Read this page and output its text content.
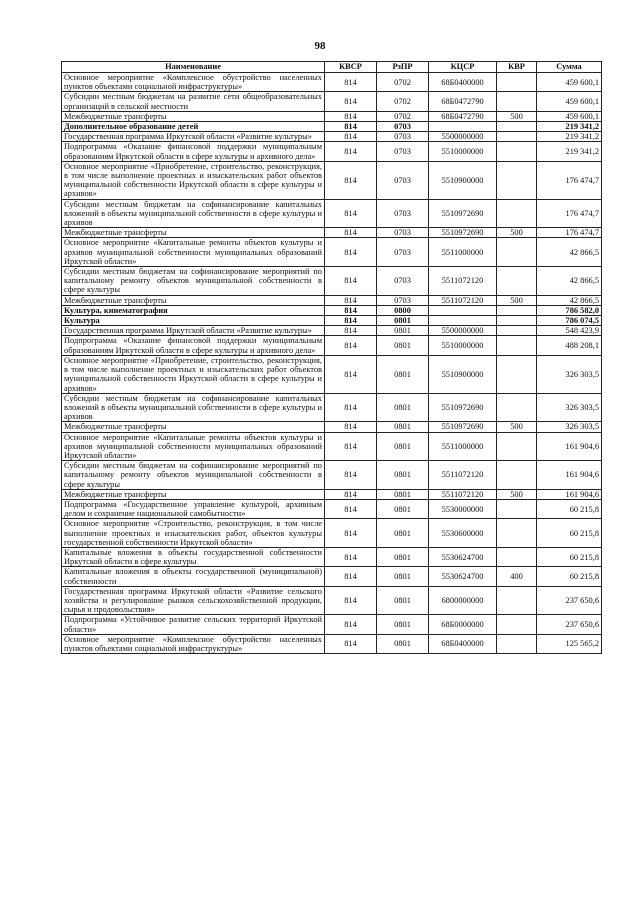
98
Наименование	КВСР	РзПР	КЦСР	КВР	Сумма
Основное мероприятие «Комплексное обустройство населенных пунктов объектами социальной инфраструктуры»	814	0702	68Б0400000		459 600,1
Субсидии местным бюджетам на развитие сети общеобразовательных организаций в сельской местности	814	0702	68Б0472790		459 600,1
Межбюджетные трансферты	814	0702	68Б0472790	500	459 600,1
Дополнительное образование детей	814	0703			219 341,2
Государственная программа Иркутской области «Развитие культуры»	814	0703	5500000000		219 341,2
Подпрограмма «Оказание финансовой поддержки муниципальным образованиям Иркутской области в сфере культуры и архивного дела»	814	0703	5510000000		219 341,2
Основное мероприятие «Приобретение, строительство, реконструкция, в том числе выполнение проектных и изыскательских работ объектов муниципальной собственности Иркутской области в сфере культуры и архивов»	814	0703	5510900000		176 474,7
Субсидии местным бюджетам на софинансирование капитальных вложений в объекты муниципальной собственности в сфере культуры и архивов	814	0703	5510972690		176 474,7
Межбюджетные трансферты	814	0703	5510972690	500	176 474,7
Основное мероприятие «Капитальные ремонты объектов культуры и архивов муниципальной собственности муниципальных образований Иркутской области»	814	0703	5511000000		42 866,5
Субсидии местным бюджетам на софинансирование мероприятий по капитальному ремонту объектов муниципальной собственности в сфере культуры	814	0703	5511072120		42 866,5
Межбюджетные трансферты	814	0703	5511072120	500	42 866,5
Культура, кинематография	814	0800			786 582,0
Культура	814	0801			786 074,5
Государственная программа Иркутской области «Развитие культуры»	814	0801	5500000000		548 423,9
Подпрограмма «Оказание финансовой поддержки муниципальным образованиям Иркутской области в сфере культуры и архивного дела»	814	0801	5510000000		488 208,1
Основное мероприятие «Приобретение, строительство, реконструкция, в том числе выполнение проектных и изыскательских работ объектов муниципальной собственности Иркутской области в сфере культуры и архивов»	814	0801	5510900000		326 303,5
Субсидии местным бюджетам на софинансирование капитальных вложений в объекты муниципальной собственности в сфере культуры и архивов	814	0801	5510972690		326 303,5
Межбюджетные трансферты	814	0801	5510972690	500	326 303,5
Основное мероприятие «Капитальные ремонты объектов культуры и архивов муниципальной собственности муниципальных образований Иркутской области»	814	0801	5511000000		161 904,6
Субсидии местным бюджетам на софинансирование мероприятий по капитальному ремонту объектов муниципальной собственности в сфере культуры	814	0801	5511072120		161 904,6
Межбюджетные трансферты	814	0801	5511072120	500	161 904,6
Подпрограмма «Государственное управление культурой, архивным делом и сохранение национальной самобытности»	814	0801	5530000000		60 215,8
Основное мероприятие «Строительство, реконструкция, в том числе выполнение проектных и изыскательских работ, объектов культуры государственной собственности Иркутской области»	814	0801	5530600000		60 215,8
Капитальные вложения в объекты государственной собственности Иркутской области в сфере культуры	814	0801	5530624700		60 215,8
Капитальные вложения в объекты государственной (муниципальной) собственности	814	0801	5530624700	400	60 215,8
Государственная программа Иркутской области «Развитие сельского хозяйства и регулирование рынков сельскохозяйственной продукции, сырья и продовольствия»	814	0801	6800000000		237 650,6
Подпрограмма «Устойчивое развитие сельских территорий Иркутской области»	814	0801	68Б0000000		237 650,6
Основное мероприятие «Комплексное обустройство населенных пунктов объектами социальной инфраструктуры»	814	0801	68Б0400000		125 565,2
